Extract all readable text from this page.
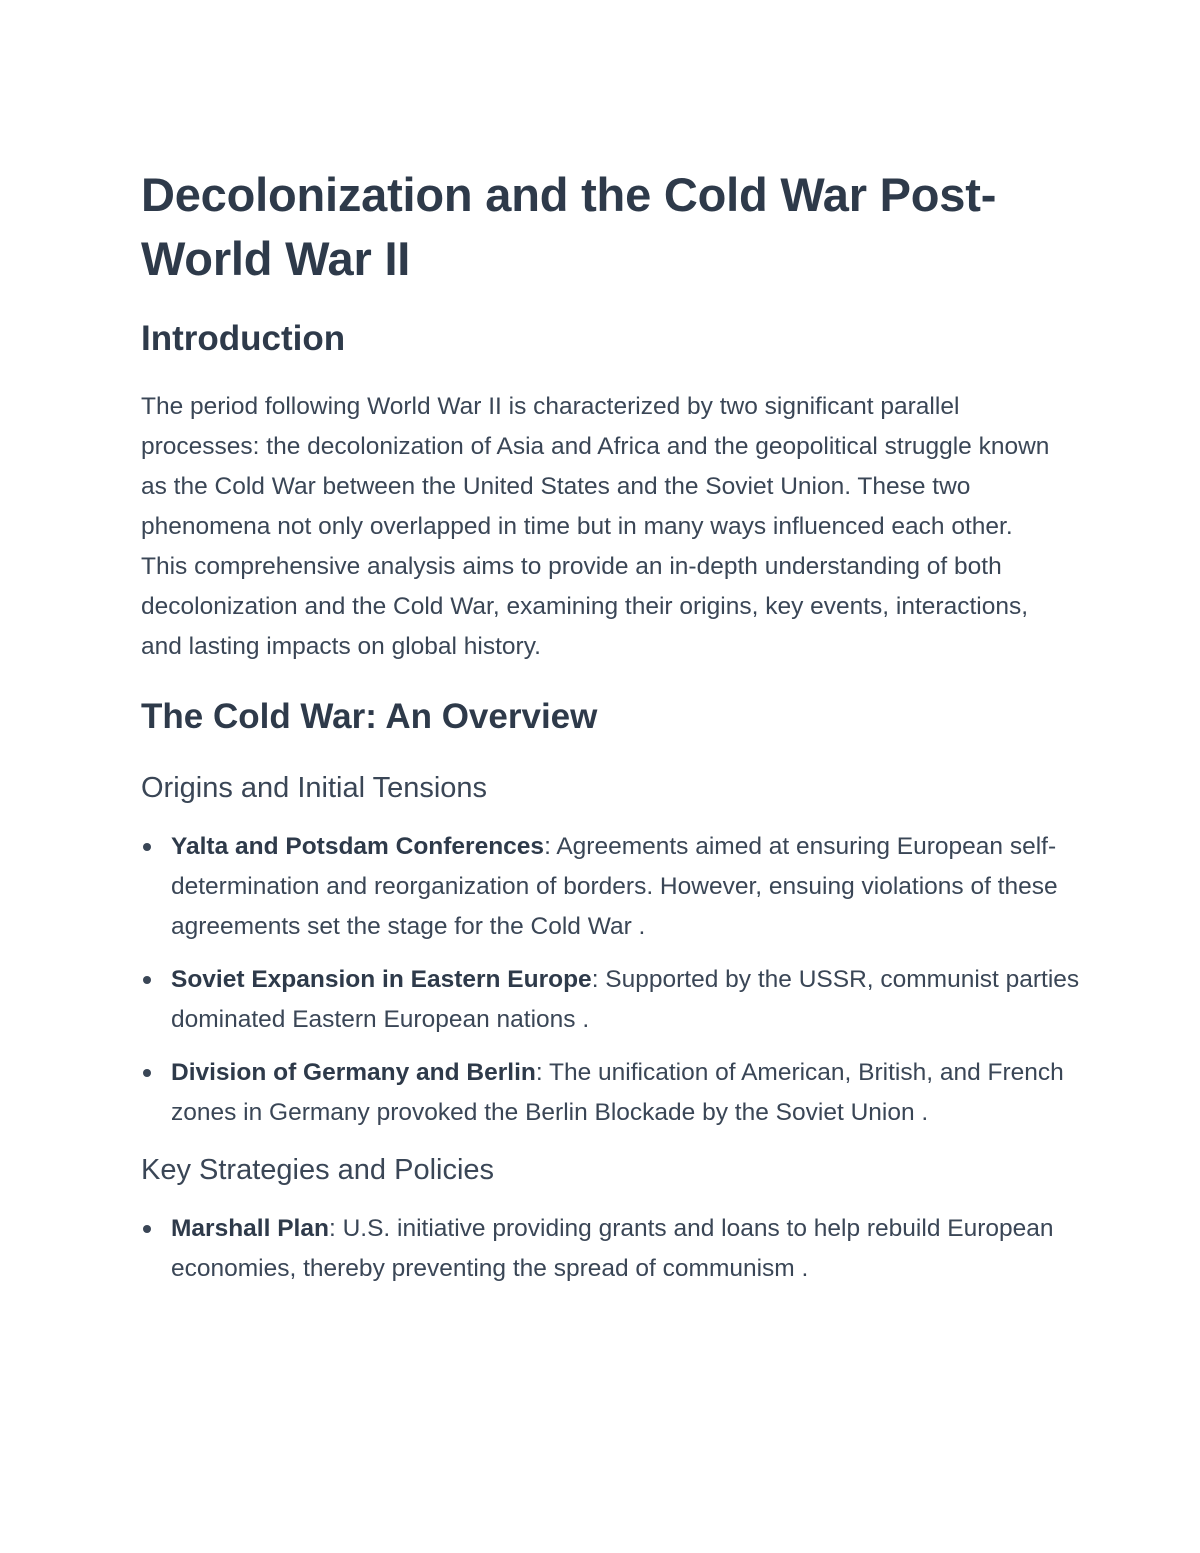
Decolonization and the Cold War Post-World War II
Introduction

The period following World War II is characterized by two significant parallel processes: the decolonization of Asia and Africa and the geopolitical struggle known as the Cold War between the United States and the Soviet Union. These two phenomena not only overlapped in time but in many ways influenced each other. This comprehensive analysis aims to provide an in-depth understanding of both decolonization and the Cold War, examining their origins, key events, interactions, and lasting impacts on global history.

The Cold War: An Overview
Origins and Initial Tensions
Yalta and Potsdam Conferences: Agreements aimed at ensuring European self-determination and reorganization of borders. However, ensuing violations of these agreements set the stage for the Cold War .
Soviet Expansion in Eastern Europe: Supported by the USSR, communist parties dominated Eastern European nations .
Division of Germany and Berlin: The unification of American, British, and French zones in Germany provoked the Berlin Blockade by the Soviet Union .
Key Strategies and Policies
Marshall Plan: U.S. initiative providing grants and loans to help rebuild European economies, thereby preventing the spread of communism .
